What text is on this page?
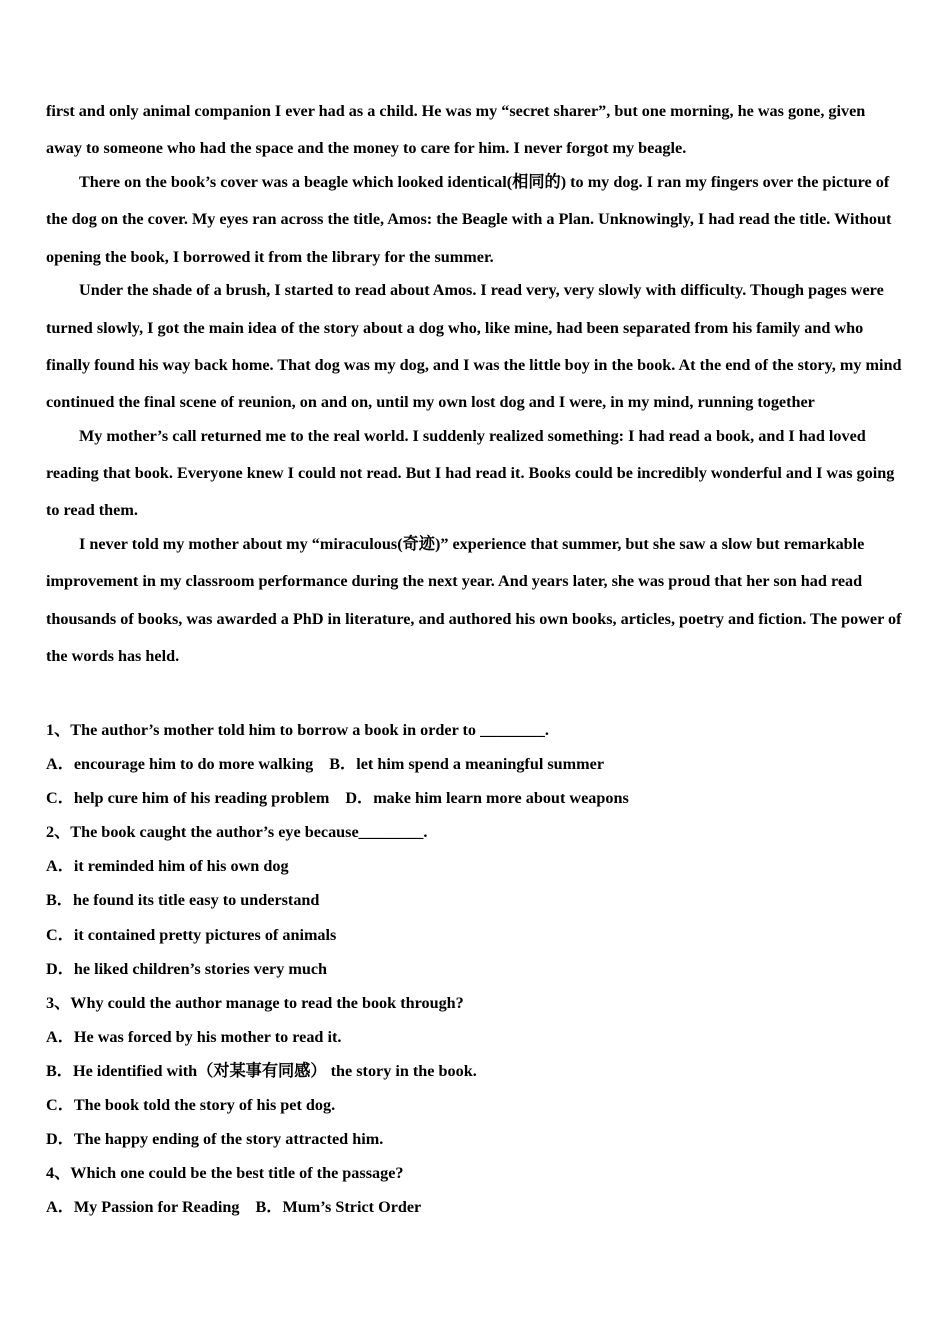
first and only animal companion I ever had as a child. He was my “secret sharer”, but one morning, he was gone, given away to someone who had the space and the money to care for him. I never forgot my beagle.

There on the book’s cover was a beagle which looked identical(相同的) to my dog. I ran my fingers over the picture of the dog on the cover. My eyes ran across the title, Amos: the Beagle with a Plan. Unknowingly, I had read the title. Without opening the book, I borrowed it from the library for the summer.

Under the shade of a brush, I started to read about Amos. I read very, very slowly with difficulty. Though pages were turned slowly, I got the main idea of the story about a dog who, like mine, had been separated from his family and who finally found his way back home. That dog was my dog, and I was the little boy in the book. At the end of the story, my mind continued the final scene of reunion, on and on, until my own lost dog and I were, in my mind, running together

My mother’s call returned me to the real world. I suddenly realized something: I had read a book, and I had loved reading that book. Everyone knew I could not read. But I had read it. Books could be incredibly wonderful and I was going to read them.

I never told my mother about my “miraculous(奇迹)” experience that summer, but she saw a slow but remarkable improvement in my classroom performance during the next year. And years later, she was proud that her son had read thousands of books, was awarded a PhD in literature, and authored his own books, articles, poetry and fiction. The power of the words has held.

1、The author’s mother told him to borrow a book in order to ________.
A．encourage him to do more walking B．let him spend a meaningful summer
C．help cure him of his reading problem D．make him learn more about weapons
2、The book caught the author’s eye because________.
A．it reminded him of his own dog
B．he found its title easy to understand
C．it contained pretty pictures of animals
D．he liked children’s stories very much
3、Why could the author manage to read the book through?
A．He was forced by his mother to read it.
B．He identified with（对某事有同感） the story in the book.
C．The book told the story of his pet dog.
D．The happy ending of the story attracted him.
4、Which one could be the best title of the passage?
A．My Passion for Reading B．Mum’s Strict Order
